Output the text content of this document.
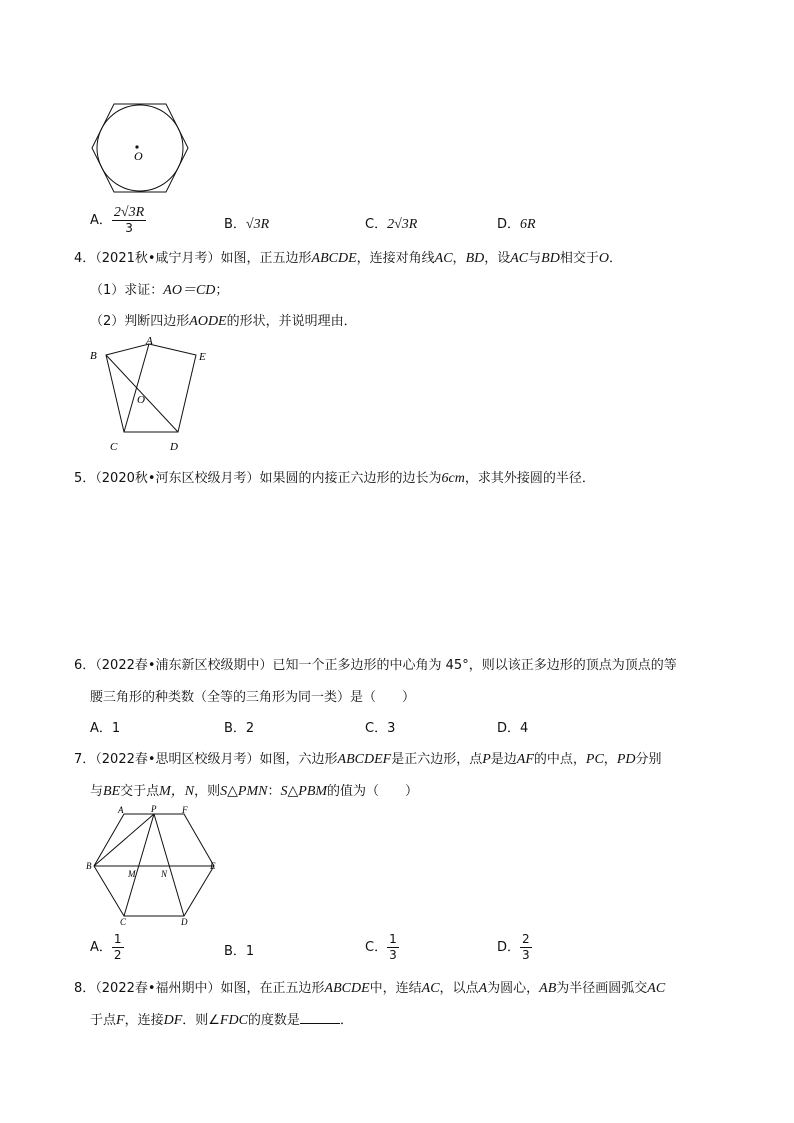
O
A． $\frac{2√3R}{3}$	B．√3R	C．2√3R	D．6R
4．（2021秋•咸宁月考）如图，正五边形ABCDE，连接对角线AC，BD，设AC与BD相交于O．
（1）求证：AO＝CD；
（2）判断四边形AODE的形状，并说明理由．
A
B	E
O
C	D
5．（2020秋•河东区校级月考）如果圆的内接正六边形的边长为6cm，求其外接圆的半径．
6．（2022春•浦东新区校级期中）已知一个正多边形的中心角为 45°，则以该正多边形的顶点为顶点的等
腰三角形的种类数（全等的三角形为同一类）是（　　）
A．1	B．2	C．3	D．4
7．（2022春•思明区校级月考）如图，六边形ABCDEF是正六边形，点P是边AF的中点，PC，PD分别
与BE交于点M，N，则S△PMN：S△PBM的值为（　　）
A	P	F
B
M	N
E
C	D
A． $\frac{1}{2}$	B．1	C． $\frac{1}{3}$	D． $\frac{2}{3}$
8．（2022春•福州期中）如图，在正五边形ABCDE中，连结AC，以点A为圆心，AB为半径画圆弧交AC
于点F，连接DF．则∠FDC的度数是	．
